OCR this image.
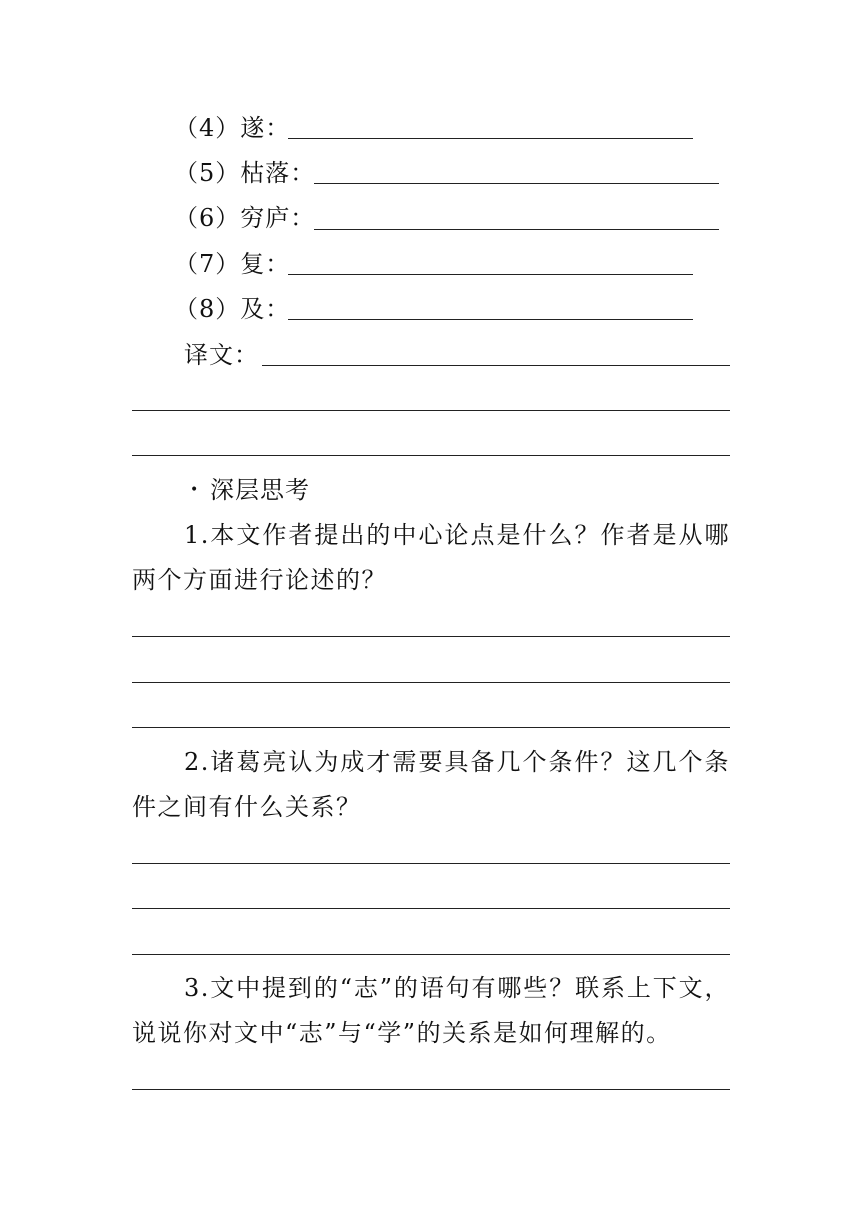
（4）遂：
（5）枯落：
（6）穷庐：
（7）复：
（8）及：
译文：
• 深层思考
1.本文作者提出的中心论点是什么？作者是从哪两个方面进行论述的？
2.诸葛亮认为成才需要具备几个条件？这几个条件之间有什么关系？
3.文中提到的“志”的语句有哪些？联系上下文，说说你对文中“志”与“学”的关系是如何理解的。
